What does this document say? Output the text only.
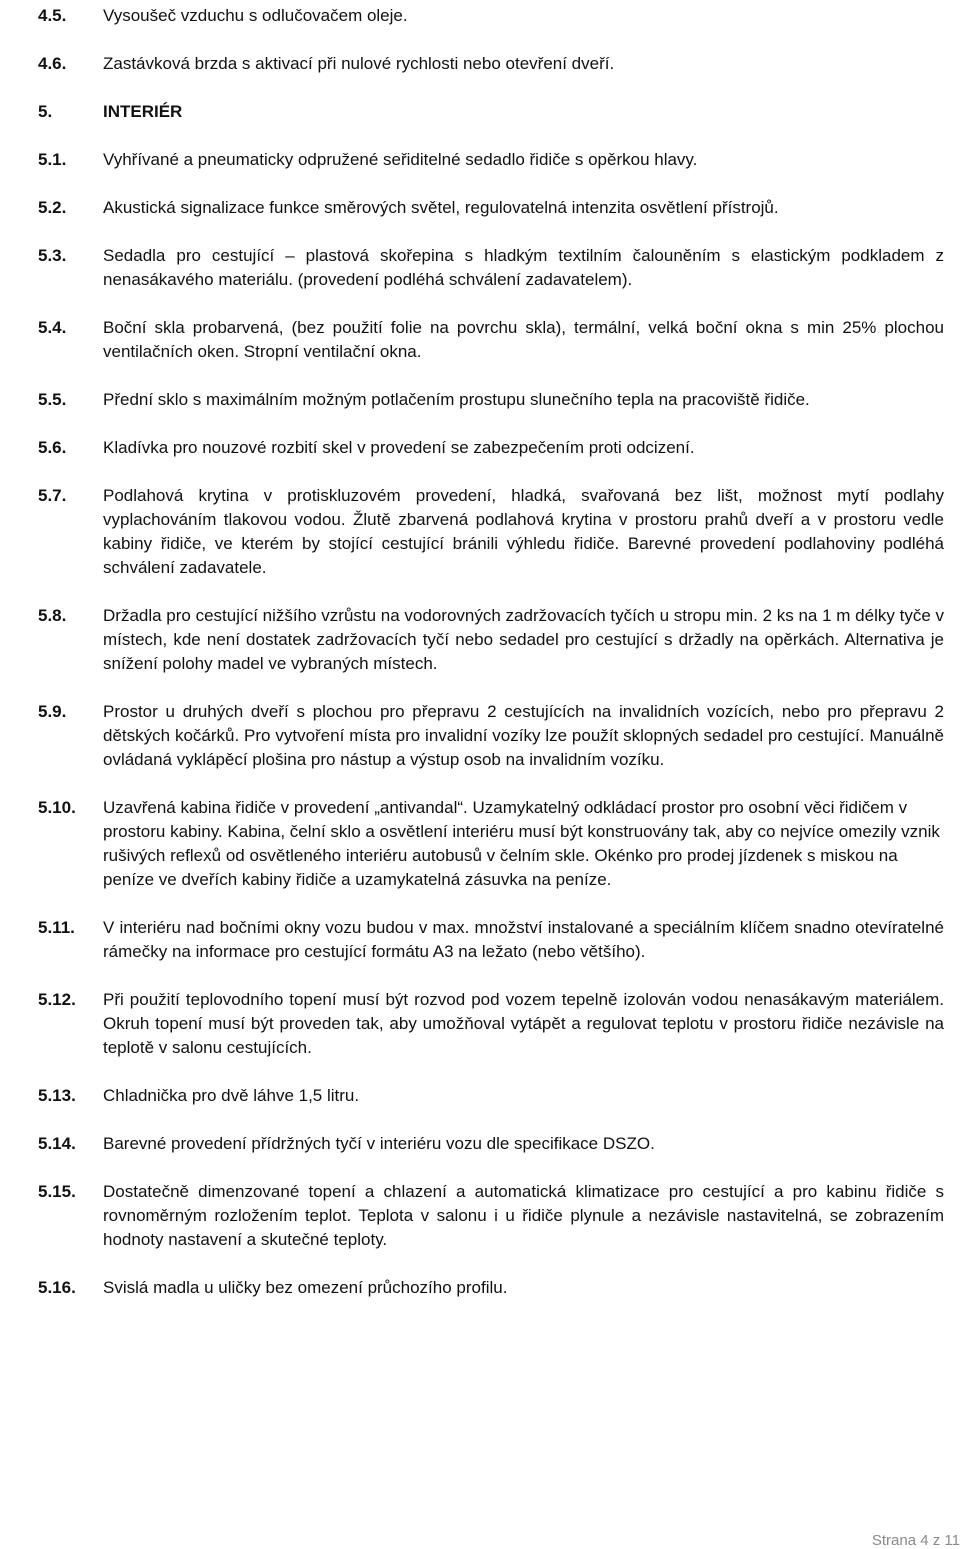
4.5.	Vysoušeč vzduchu s odlučovačem oleje.
4.6.	Zastávková brzda s aktivací při nulové rychlosti nebo otevření dveří.
5.	INTERIÉR
5.1.	Vyhřívané a pneumaticky odpružené seřiditelné sedadlo řidiče s opěrkou hlavy.
5.2.	Akustická signalizace funkce směrových světel, regulovatelná intenzita osvětlení přístrojů.
5.3.	Sedadla pro cestující – plastová skořepina s hladkým textilním čalouněním s elastickým podkladem z nenasákavého materiálu. (provedení podléhá schválení zadavatelem).
5.4.	Boční skla probarvená, (bez použití folie na povrchu skla), termální, velká boční okna s min 25% plochou ventilačních oken. Stropní ventilační okna.
5.5.	Přední sklo s maximálním možným potlačením prostupu slunečního tepla na pracoviště řidiče.
5.6.	Kladívka pro nouzové rozbití skel v provedení se zabezpečením proti odcizení.
5.7.	Podlahová krytina v protiskluzovém provedení, hladká, svařovaná bez lišt, možnost mytí podlahy vyplachováním tlakovou vodou. Žlutě zbarvená podlahová krytina v prostoru prahů dveří a v prostoru vedle kabiny řidiče, ve kterém by stojící cestující bránili výhledu řidiče. Barevné provedení podlahoviny podléhá schválení zadavatele.
5.8.	Držadla pro cestující nižšího vzrůstu na vodorovných zadržovacích tyčích u stropu min. 2 ks na 1 m délky tyče v místech, kde není dostatek zadržovacích tyčí nebo sedadel pro cestující s držadly na opěrkách. Alternativa je snížení polohy madel ve vybraných místech.
5.9.	Prostor u druhých dveří s plochou pro přepravu 2 cestujících na invalidních vozících, nebo pro přepravu 2 dětských kočárků. Pro vytvoření místa pro invalidní vozíky lze použít sklopných sedadel pro cestující. Manuálně ovládaná vyklápěcí plošina pro nástup a výstup osob na invalidním vozíku.
5.10.	Uzavřená kabina řidiče v provedení „antivandal“. Uzamykatelný odkládací prostor pro osobní věci řidičem v prostoru kabiny. Kabina, čelní sklo a osvětlení interiéru musí být konstruovány tak, aby co nejvíce omezily vznik rušivých reflexů od osvětleného interiéru autobusů v čelním skle. Okénko pro prodej jízdenek s miskou na peníze ve dveřích kabiny řidiče a uzamykatelná zásuvka na peníze.
5.11.	V interiéru nad bočními okny vozu budou v max. množství instalované a speciálním klíčem snadno otevíratelné rámečky na informace pro cestující formátu A3 na ležato (nebo většího).
5.12.	Při použití teplovodního topení musí být rozvod pod vozem tepelně izolován vodou nenasákavým materiálem. Okruh topení musí být proveden tak, aby umožňoval vytápět a regulovat teplotu v prostoru řidiče nezávisle na teplotě v salonu cestujících.
5.13.	Chladnička pro dvě láhve 1,5 litru.
5.14.	Barevné provedení přídržných tyčí v interiéru vozu dle specifikace DSZO.
5.15.	Dostatečně dimenzované topení a chlazení a automatická klimatizace pro cestující a pro kabinu řidiče s rovnoměrným rozložením teplot. Teplota v salonu i u řidiče plynule a nezávisle nastavitelná, se zobrazením hodnoty nastavení a skutečné teploty.
5.16.	Svislá madla u uličky bez omezení průchozího profilu.
Strana 4 z 11
